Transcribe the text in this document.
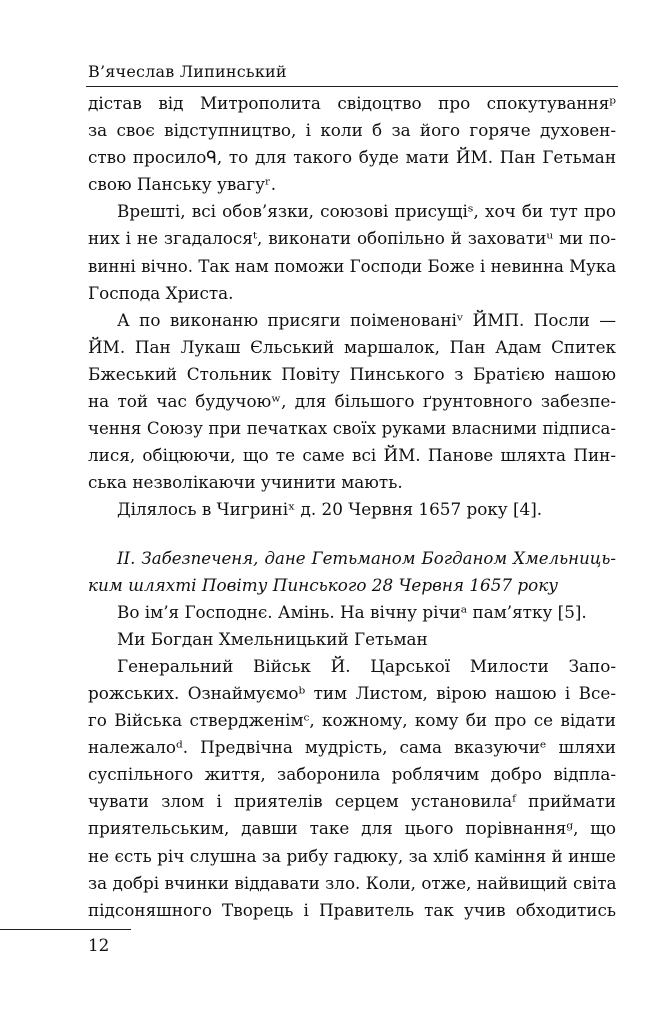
В’ячеслав Липинський
дістав від Митрополита свідоцтво про спокутуванняᵖ
за своє відступництво, і коли б за його горяче духовен-
ство просилоᑫ, то для такого буде мати ЙМ. Пан Гетьман
свою Панську увагуʳ.
Врешті, всі обов’язки, союзові присущіˢ, хоч би тут про
них і не згадалосяᵗ, виконати обопільно й заховатиᵘ ми по-
винні вічно. Так нам поможи Господи Боже і невинна Мука
Господа Христа.
А по виконаню присяги поіменованіᵛ ЙМП. Посли —
ЙМ. Пан Лукаш Єльський маршалок, Пан Адам Спитек
Бжеський Стольник Повіту Пинського з Братією нашою
на той час будучоюʷ, для більшого ґрунтовного забезпе-
чення Союзу при печатках своїх руками власними підписа-
лися, обіцюючи, що те саме всі ЙМ. Панове шляхта Пин-
ська незволікаючи учинити мають.
Ділялось в Чигриніˣ д. 20 Червня 1657 року [4].
II. Забезпеченя, дане Гетьманом Богданом Хмельниць-
ким шляхті Повіту Пинського 28 Червня 1657 року
Во ім’я Господнє. Амінь. На вічну річиᵃ пам’ятку [5].
Ми Богдан Хмельницький Гетьман
Генеральний Військ Й. Царської Милости Запо-
рожських. Ознаймуємоᵇ тим Листом, вірою нашою і Все-
го Війська ствердженімᶜ, кожному, кому би про се відати
належалоᵈ. Предвічна мудрість, сама вказуючиᵉ шляхи
суспільного життя, заборонила роблячим добро відпла-
чувати злом і приятелів серцем установилаᶠ приймати
приятельським, давши таке для цього порівнанняᵍ, що
не єсть річ слушна за рибу гадюку, за хліб каміння й инше
за добрі вчинки віддавати зло. Коли, отже, найвищий світа
підсоняшного Творець і Правитель так учив обходитись
12
